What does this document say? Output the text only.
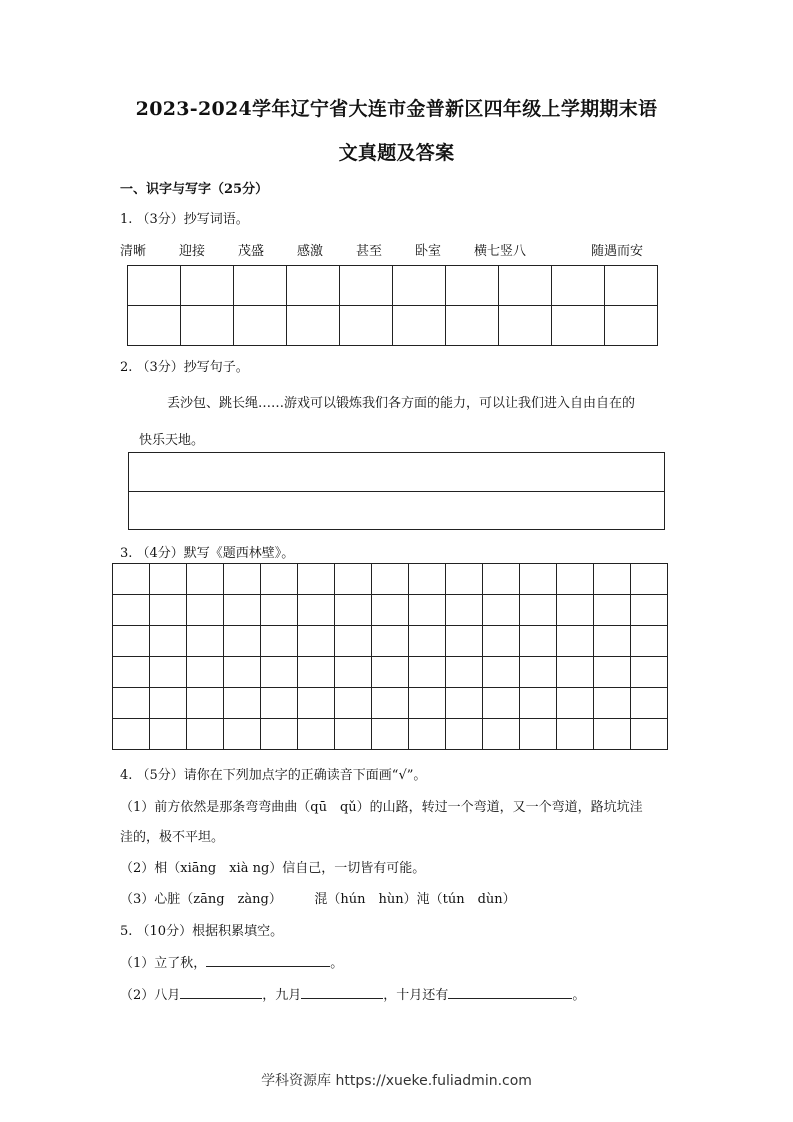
2023-2024学年辽宁省大连市金普新区四年级上学期期末语
文真题及答案
一、识字与写字（25分）
1. （3分）抄写词语。
清晰	迎接	茂盛	感激	甚至	卧室	横七竖八	随遇而安

2. （3分）抄写句子。
丢沙包、跳长绳……游戏可以锻炼我们各方面的能力，可以让我们进入自由自在的
快乐天地。
3. （4分）默写《题西林壁》。

4. （5分）请你在下列加点字的正确读音下面画“√”。
（1）前方依然是那条弯弯曲曲（qū　qǔ）的山路，转过一个弯道，又一个弯道，路坑坑洼
洼的，极不平坦。
（2）相（xiāng　xià ng）信自己，一切皆有可能。
（3）心脏（zāng　zàng）　　　混（hún　hùn）沌（tún　dùn）
5. （10分）根据积累填空。
（1）立了秋，	。
（2）八月	，九月	，十月还有	。
学科资源库 https://xueke.fuliadmin.com
